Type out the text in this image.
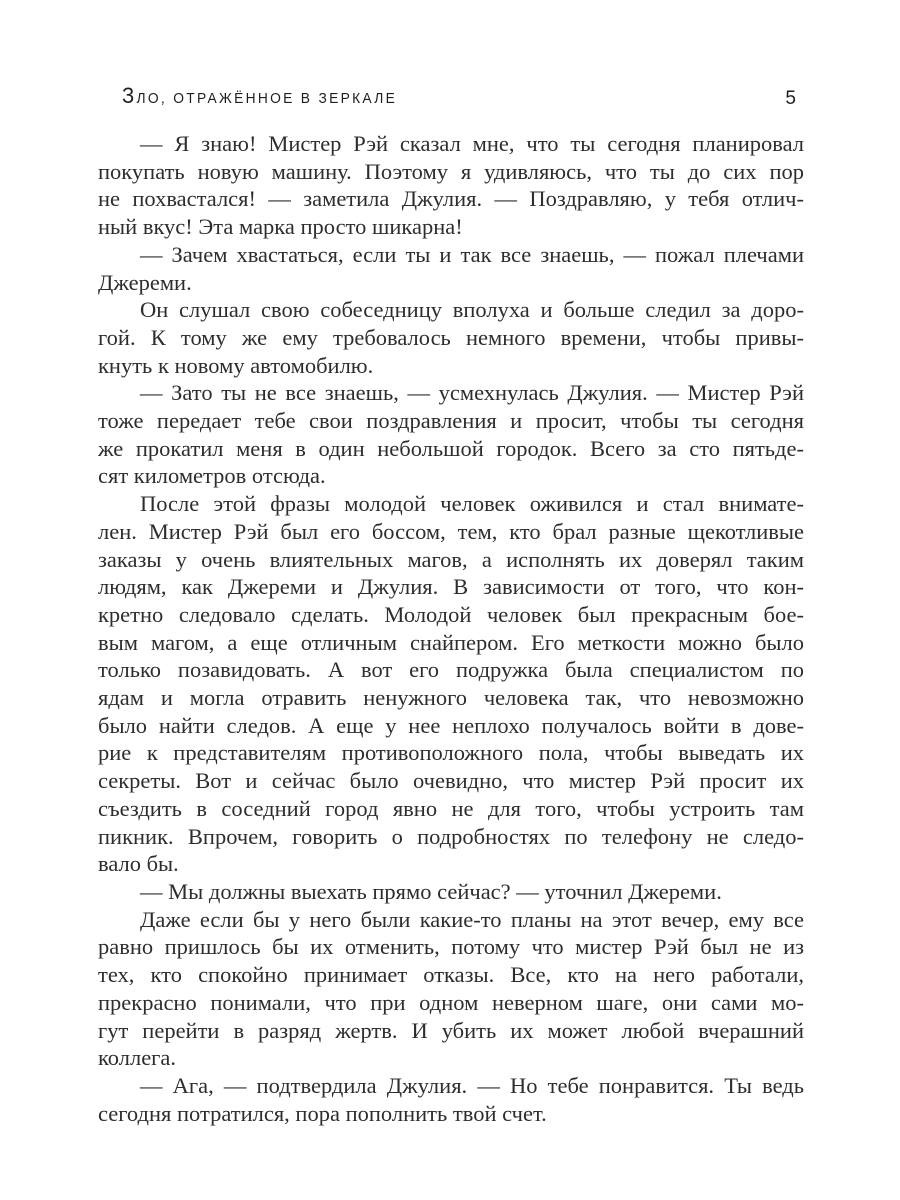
ЗЛО, ОТРАЖЁННОЕ В ЗЕРКАЛЕ	5
— Я знаю! Мистер Рэй сказал мне, что ты сегодня планировал
покупать новую машину. Поэтому я удивляюсь, что ты до сих пор
не похвастался! — заметила Джулия. — Поздравляю, у тебя отлич-
ный вкус! Эта марка просто шикарна!
— Зачем хвастаться, если ты и так все знаешь, — пожал плечами
Джереми.
Он слушал свою собеседницу вполуха и больше следил за доро-
гой. К тому же ему требовалось немного времени, чтобы привы-
кнуть к новому автомобилю.
— Зато ты не все знаешь, — усмехнулась Джулия. — Мистер Рэй
тоже передает тебе свои поздравления и просит, чтобы ты сегодня
же прокатил меня в один небольшой городок. Всего за сто пятьде-
сят километров отсюда.
После этой фразы молодой человек оживился и стал внимате-
лен. Мистер Рэй был его боссом, тем, кто брал разные щекотливые
заказы у очень влиятельных магов, а исполнять их доверял таким
людям, как Джереми и Джулия. В зависимости от того, что кон-
кретно следовало сделать. Молодой человек был прекрасным бое-
вым магом, а еще отличным снайпером. Его меткости можно было
только позавидовать. А вот его подружка была специалистом по
ядам и могла отравить ненужного человека так, что невозможно
было найти следов. А еще у нее неплохо получалось войти в дове-
рие к представителям противоположного пола, чтобы выведать их
секреты. Вот и сейчас было очевидно, что мистер Рэй просит их
съездить в соседний город явно не для того, чтобы устроить там
пикник. Впрочем, говорить о подробностях по телефону не следо-
вало бы.
— Мы должны выехать прямо сейчас? — уточнил Джереми.
Даже если бы у него были какие-то планы на этот вечер, ему все
равно пришлось бы их отменить, потому что мистер Рэй был не из
тех, кто спокойно принимает отказы. Все, кто на него работали,
прекрасно понимали, что при одном неверном шаге, они сами мо-
гут перейти в разряд жертв. И убить их может любой вчерашний
коллега.
— Ага, — подтвердила Джулия. — Но тебе понравится. Ты ведь
сегодня потратился, пора пополнить твой счет.
